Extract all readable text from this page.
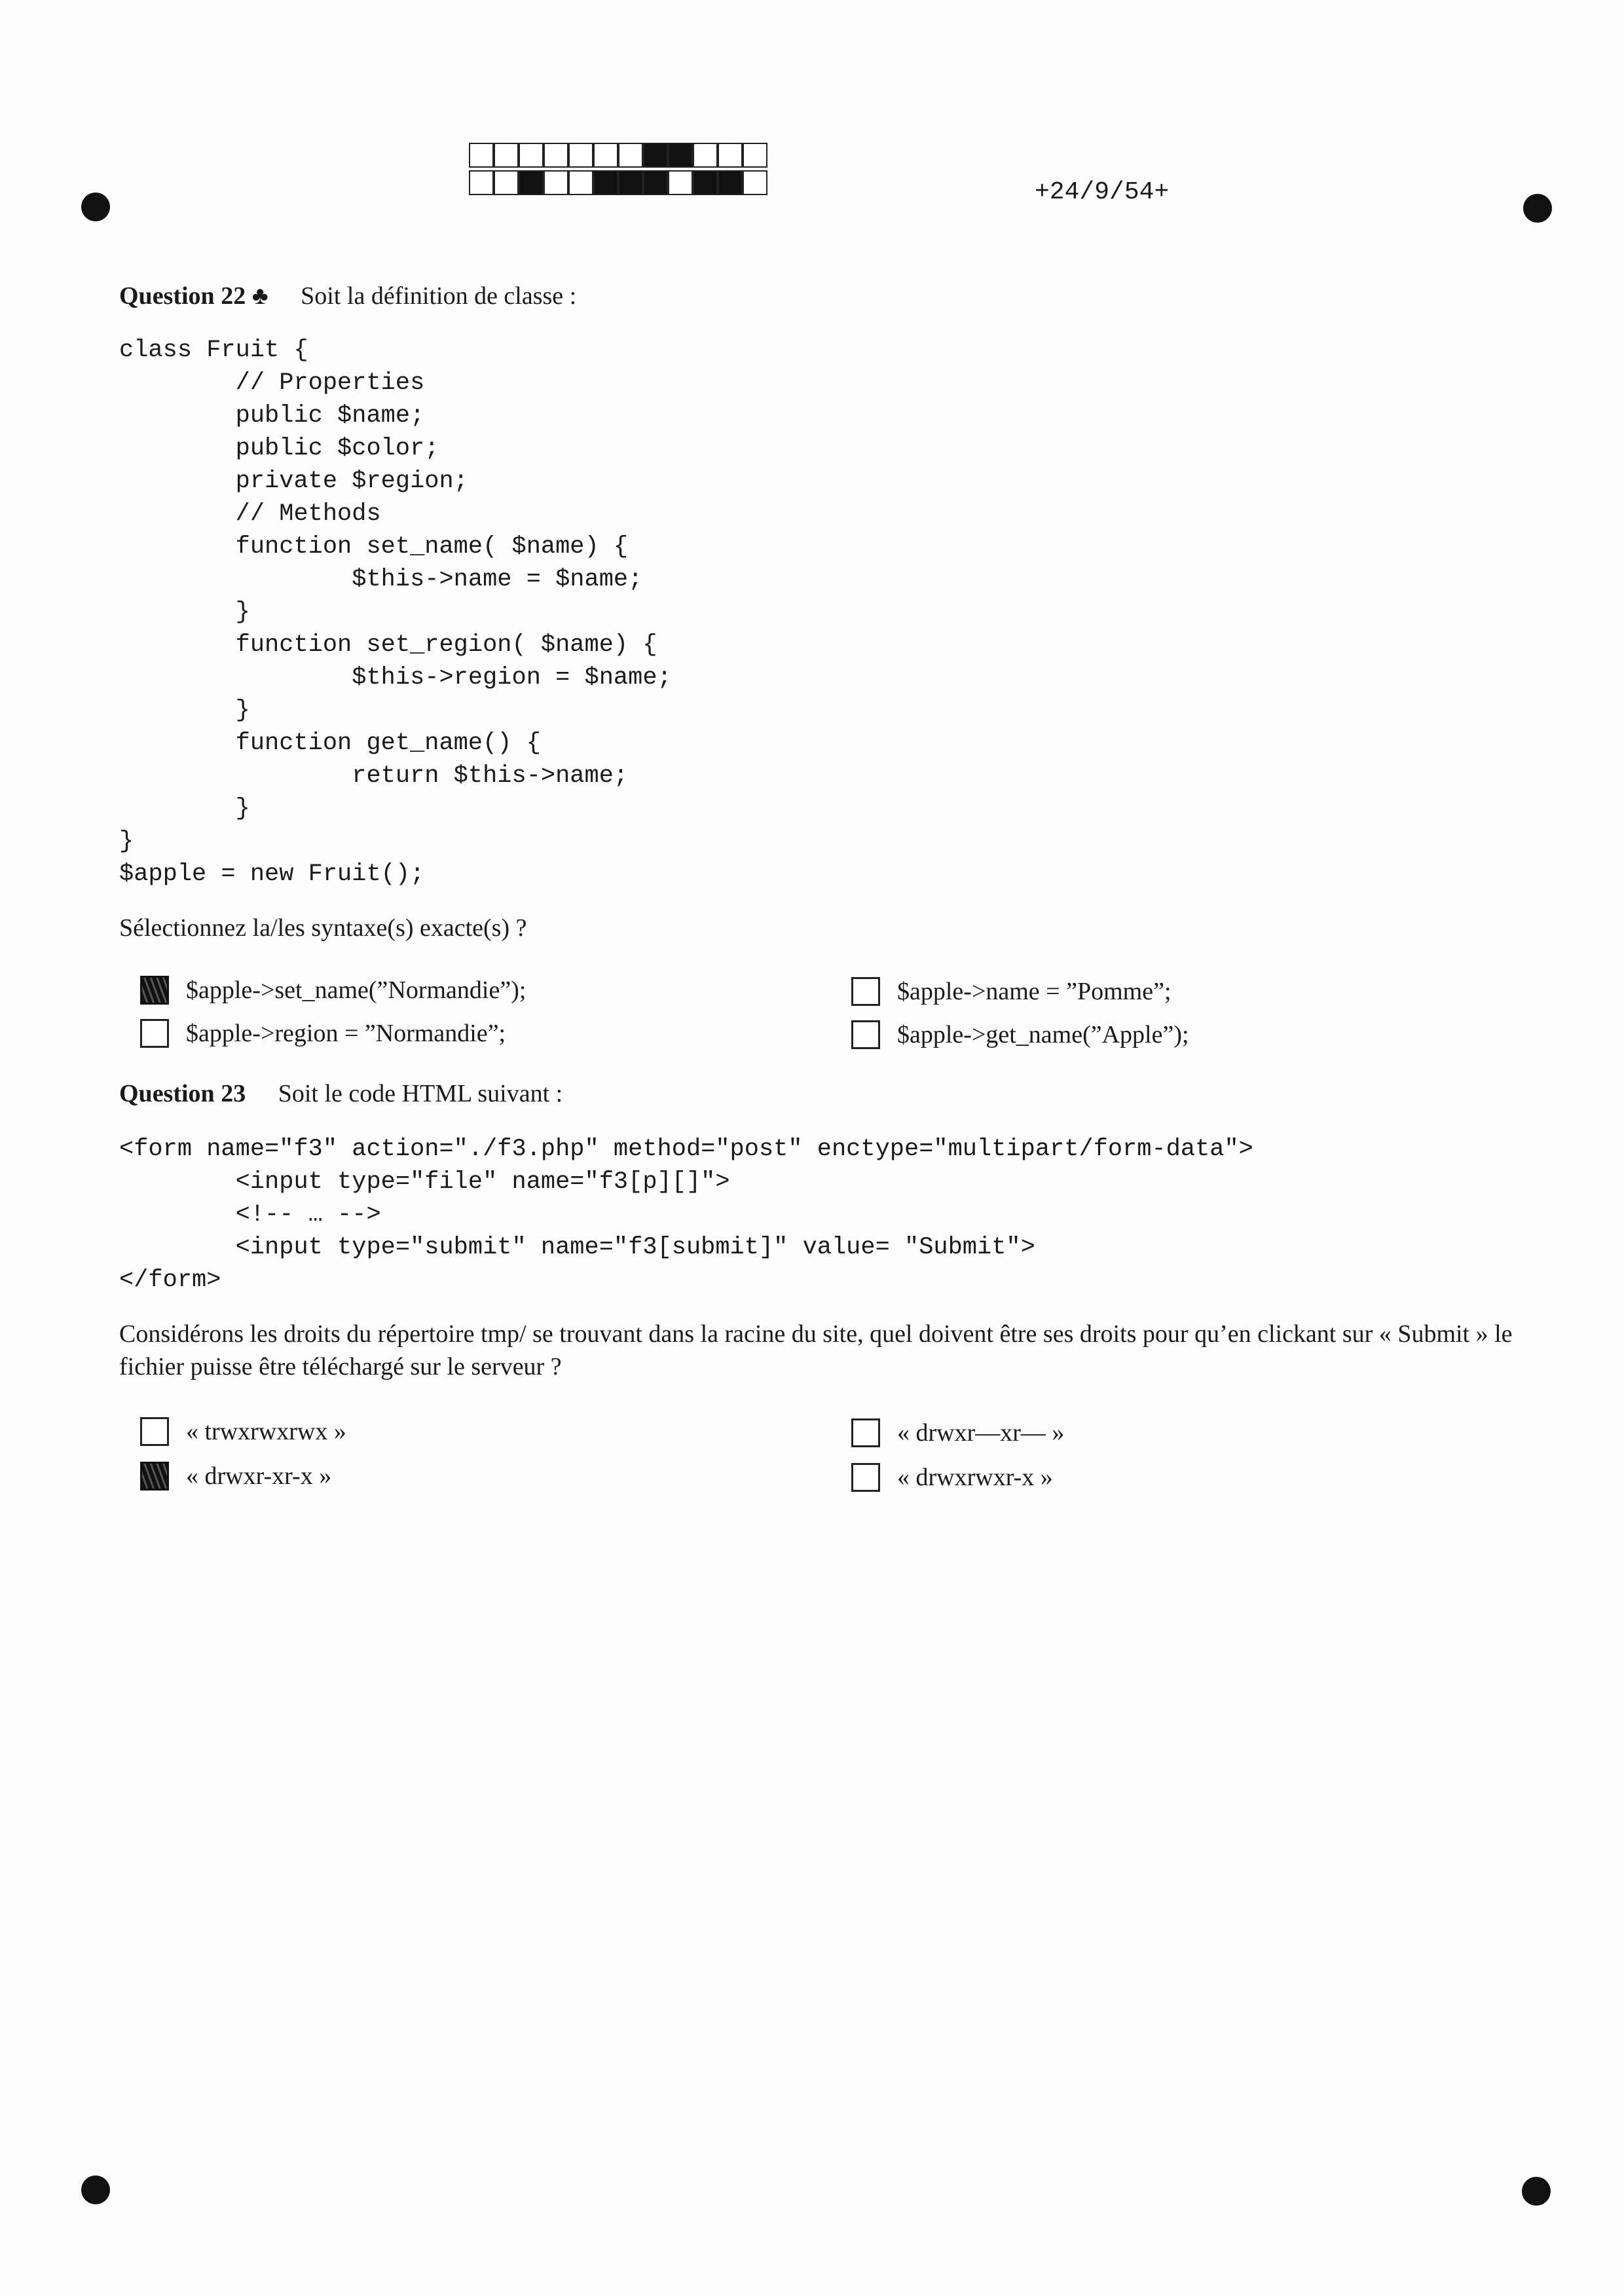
+24/9/54+
Question 22 ♣ Soit la définition de classe :
class Fruit {
// Properties
public $name;
public $color;
private $region;
// Methods
function set_name( $name) {
$this->name = $name;
}
function set_region( $name) {
$this->region = $name;
}
function get_name() {
return $this->name;
}
}
$apple = new Fruit();
Sélectionnez la/les syntaxe(s) exacte(s) ?
$apple->set_name(”Normandie”);	$apple->name = ”Pomme”;
$apple->region = ”Normandie”;	$apple->get_name(”Apple”);
Question 23 Soit le code HTML suivant :
<form name="f3" action="./f3.php" method="post" enctype="multipart/form-data">
<input type="file" name="f3[p][]">
<!-- … -->
<input type="submit" name="f3[submit]" value= "Submit">
</form>
Considérons les droits du répertoire tmp/ se trouvant dans la racine du site, quel doivent être ses droits pour qu’en clickant sur « Submit » le fichier puisse être téléchargé sur le serveur ?
« trwxrwxrwx »	« drwxr—xr— »
« drwxr-xr-x »	« drwxrwxr-x »
